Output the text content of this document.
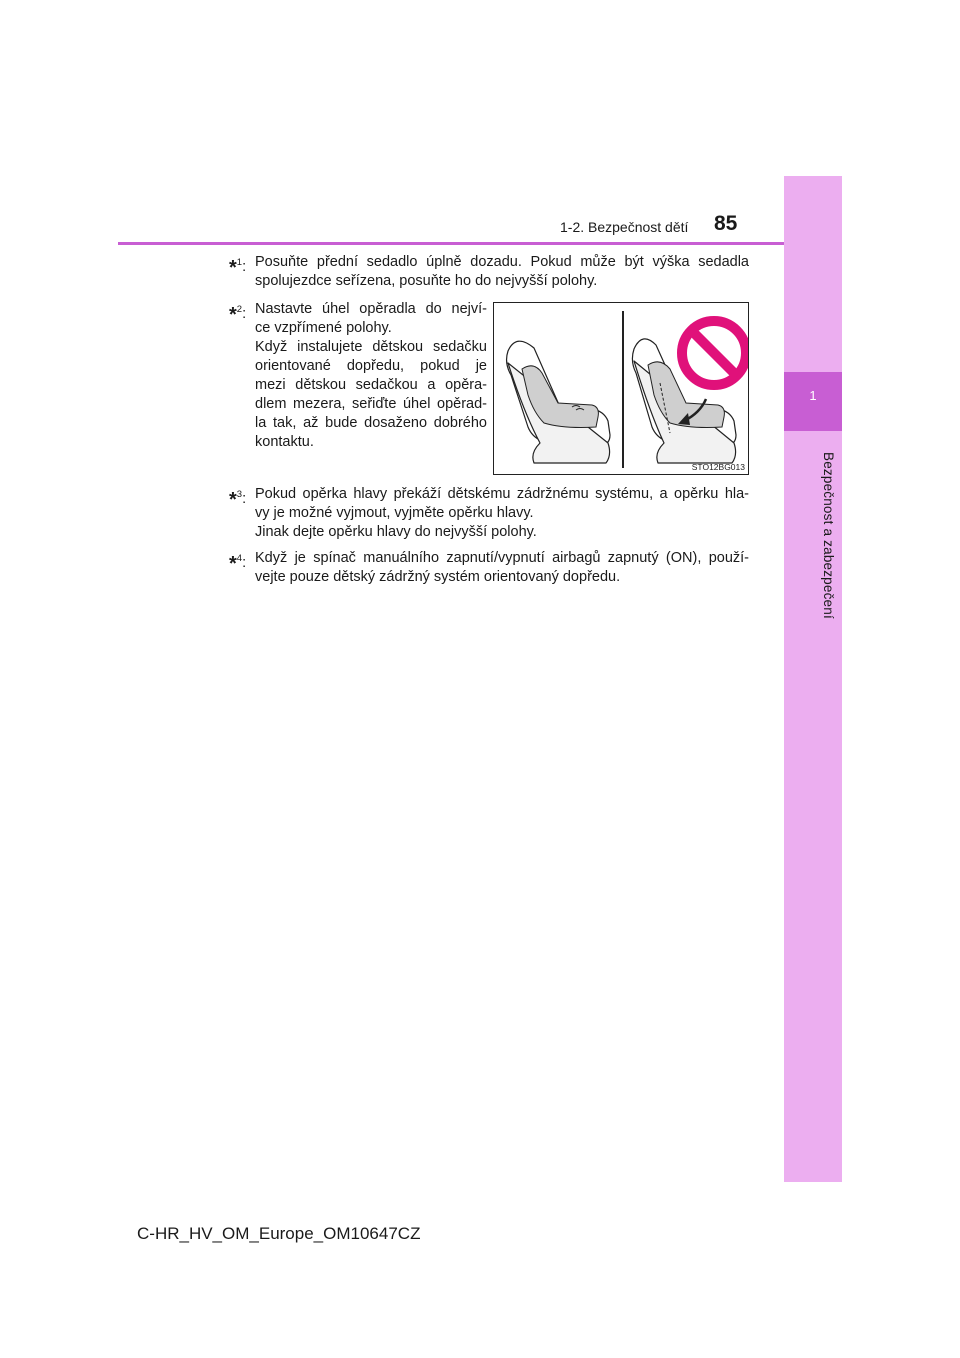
1-2. Bezpečnost dětí 85
1
Bezpečnost a zabezpečení
*$^1$: Posuňte přední sedadlo úplně dozadu. Pokud může být výška sedadla
spolujezdce seřízena, posuňte ho do nejvyšší polohy.
*$^2$: Nastavte úhel opěradla do nejví-
ce vzpřímené polohy.
Když instalujete dětskou sedačku
orientované dopředu, pokud je
mezi dětskou sedačkou a opěra-
dlem mezera, seřiďte úhel opěrad-
la tak, až bude dosaženo dobrého
kontaktu.
STO12BG013
*$^3$: Pokud opěrka hlavy překáží dětskému zádržnému systému, a opěrku hla-
vy je možné vyjmout, vyjměte opěrku hlavy.
Jinak dejte opěrku hlavy do nejvyšší polohy.
*$^4$: Když je spínač manuálního zapnutí/vypnutí airbagů zapnutý (ON), použí-
vejte pouze dětský zádržný systém orientovaný dopředu.
C-HR_HV_OM_Europe_OM10647CZ
